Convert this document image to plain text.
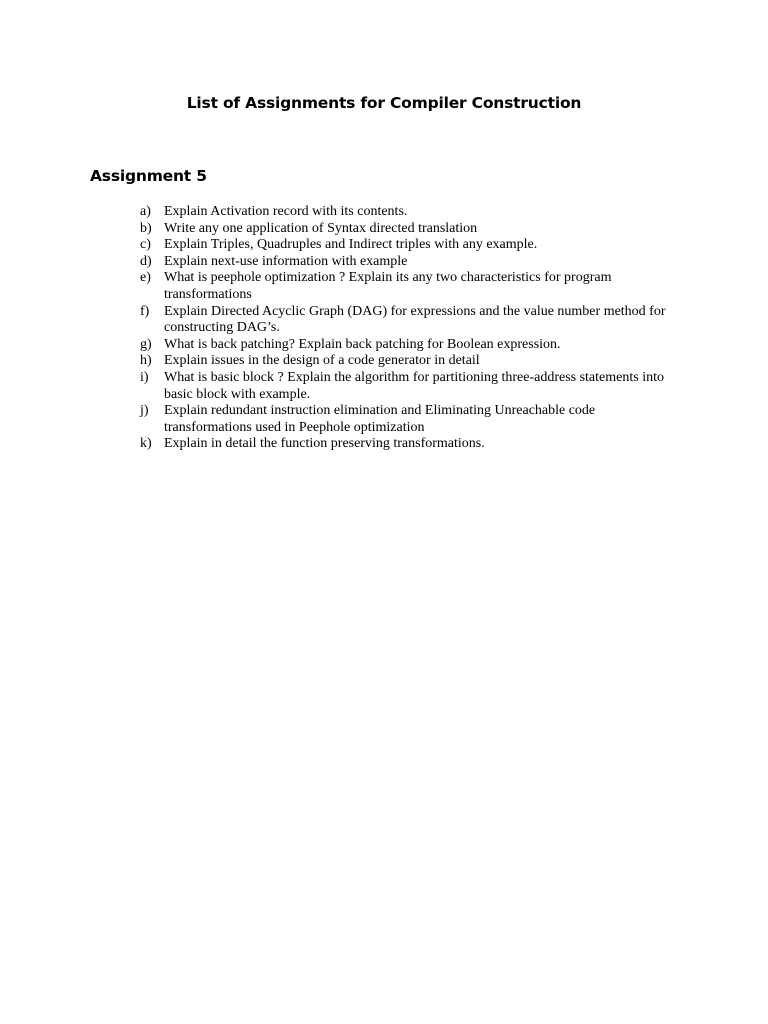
List of Assignments for Compiler Construction
Assignment 5
a) Explain Activation record with its contents.
b) Write any one application of Syntax directed translation
c) Explain Triples, Quadruples and Indirect triples with any example.
d) Explain next-use information with example
e) What is peephole optimization ? Explain its any two characteristics for program transformations
f)	Explain Directed Acyclic Graph (DAG) for expressions and the value number method for constructing DAG’s.
g) What is back patching? Explain back patching for Boolean expression.
h) Explain issues in the design of a code generator in detail
i)	What is basic block ? Explain the algorithm for partitioning three-address statements into basic block with example.
j)	Explain redundant instruction elimination and Eliminating Unreachable code transformations used in Peephole optimization
k) Explain in detail the function preserving transformations.
